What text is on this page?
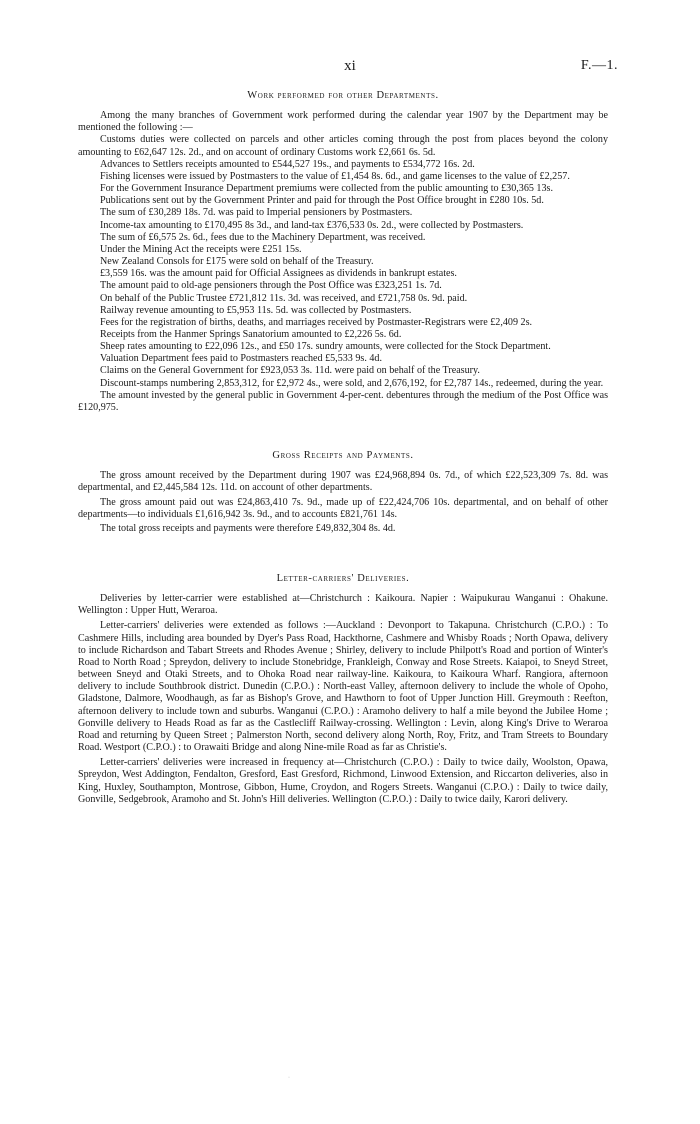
xi	F.—1.
Work performed for other Departments.

Among the many branches of Government work performed during the calendar year 1907 by the Department may be mentioned the following :—

Customs duties were collected on parcels and other articles coming through the post from places beyond the colony amounting to £62,647 12s. 2d., and on account of ordinary Customs work £2,661 6s. 5d.

Advances to Settlers receipts amounted to £544,527 19s., and payments to £534,772 16s. 2d.

Fishing licenses were issued by Postmasters to the value of £1,454 8s. 6d., and game licenses to the value of £2,257.

For the Government Insurance Department premiums were collected from the public amounting to £30,365 13s.

Publications sent out by the Government Printer and paid for through the Post Office brought in £280 10s. 5d.

The sum of £30,289 18s. 7d. was paid to Imperial pensioners by Postmasters.

Income-tax amounting to £170,495 8s 3d., and land-tax £376,533 0s. 2d., were collected by Postmasters.

The sum of £6,575 2s. 6d., fees due to the Machinery Department, was received.

Under the Mining Act the receipts were £251 15s.

New Zealand Consols for £175 were sold on behalf of the Treasury.

£3,559 16s. was the amount paid for Official Assignees as dividends in bankrupt estates.

The amount paid to old-age pensioners through the Post Office was £323,251 1s. 7d.

On behalf of the Public Trustee £721,812 11s. 3d. was received, and £721,758 0s. 9d. paid.

Railway revenue amounting to £5,953 11s. 5d. was collected by Postmasters.

Fees for the registration of births, deaths, and marriages received by Postmaster-Registrars were £2,409 2s.

Receipts from the Hanmer Springs Sanatorium amounted to £2,226 5s. 6d.

Sheep rates amounting to £22,096 12s., and £50 17s. sundry amounts, were collected for the Stock Department.

Valuation Department fees paid to Postmasters reached £5,533 9s. 4d.

Claims on the General Government for £923,053 3s. 11d. were paid on behalf of the Treasury.

Discount-stamps numbering 2,853,312, for £2,972 4s., were sold, and 2,676,192, for £2,787 14s., redeemed, during the year.

The amount invested by the general public in Government 4-per-cent. debentures through the medium of the Post Office was £120,975.

Gross Receipts and Payments.

The gross amount received by the Department during 1907 was £24,968,894 0s. 7d., of which £22,523,309 7s. 8d. was departmental, and £2,445,584 12s. 11d. on account of other departments.

The gross amount paid out was £24,863,410 7s. 9d., made up of £22,424,706 10s. departmental, and on behalf of other departments—to individuals £1,616,942 3s. 9d., and to accounts £821,761 14s.

The total gross receipts and payments were therefore £49,832,304 8s. 4d.

Letter-carriers' Deliveries.

Deliveries by letter-carrier were established at—Christchurch : Kaikoura. Napier : Waipukurau Wanganui : Ohakune. Wellington : Upper Hutt, Weraroa.

Letter-carriers' deliveries were extended as follows :—Auckland : Devonport to Takapuna. Christchurch (C.P.O.) : To Cashmere Hills, including area bounded by Dyer's Pass Road, Hackthorne, Cashmere and Whisby Roads ; North Opawa, delivery to include Richardson and Tabart Streets and Rhodes Avenue ; Shirley, delivery to include Philpott's Road and portion of Winter's Road to North Road ; Spreydon, delivery to include Stonebridge, Frankleigh, Conway and Rose Streets. Kaiapoi, to Sneyd Street, between Sneyd and Otaki Streets, and to Ohoka Road near railway-line. Kaikoura, to Kaikoura Wharf. Rangiora, afternoon delivery to include Southbrook district. Dunedin (C.P.O.) : North-east Valley, afternoon delivery to include the whole of Opoho, Gladstone, Dalmore, Woodhaugh, as far as Bishop's Grove, and Hawthorn to foot of Upper Junction Hill. Greymouth : Reefton, afternoon delivery to include town and suburbs. Wanganui (C.P.O.) : Aramoho delivery to half a mile beyond the Jubilee Home ; Gonville delivery to Heads Road as far as the Castlecliff Railway-crossing. Wellington : Levin, along King's Drive to Weraroa Road and returning by Queen Street ; Palmerston North, second delivery along North, Roy, Fritz, and Tram Streets to Boundary Road. Westport (C.P.O.) : to Orawaiti Bridge and along Nine-mile Road as far as Christie's.

Letter-carriers' deliveries were increased in frequency at—Christchurch (C.P.O.) : Daily to twice daily, Woolston, Opawa, Spreydon, West Addington, Fendalton, Gresford, East Gresford, Richmond, Linwood Extension, and Riccarton deliveries, also in King, Huxley, Southampton, Montrose, Gibbon, Hume, Croydon, and Rogers Streets. Wanganui (C.P.O.) : Daily to twice daily, Gonville, Sedgebrook, Aramoho and St. John's Hill deliveries. Wellington (C.P.O.) : Daily to twice daily, Karori delivery.

·
